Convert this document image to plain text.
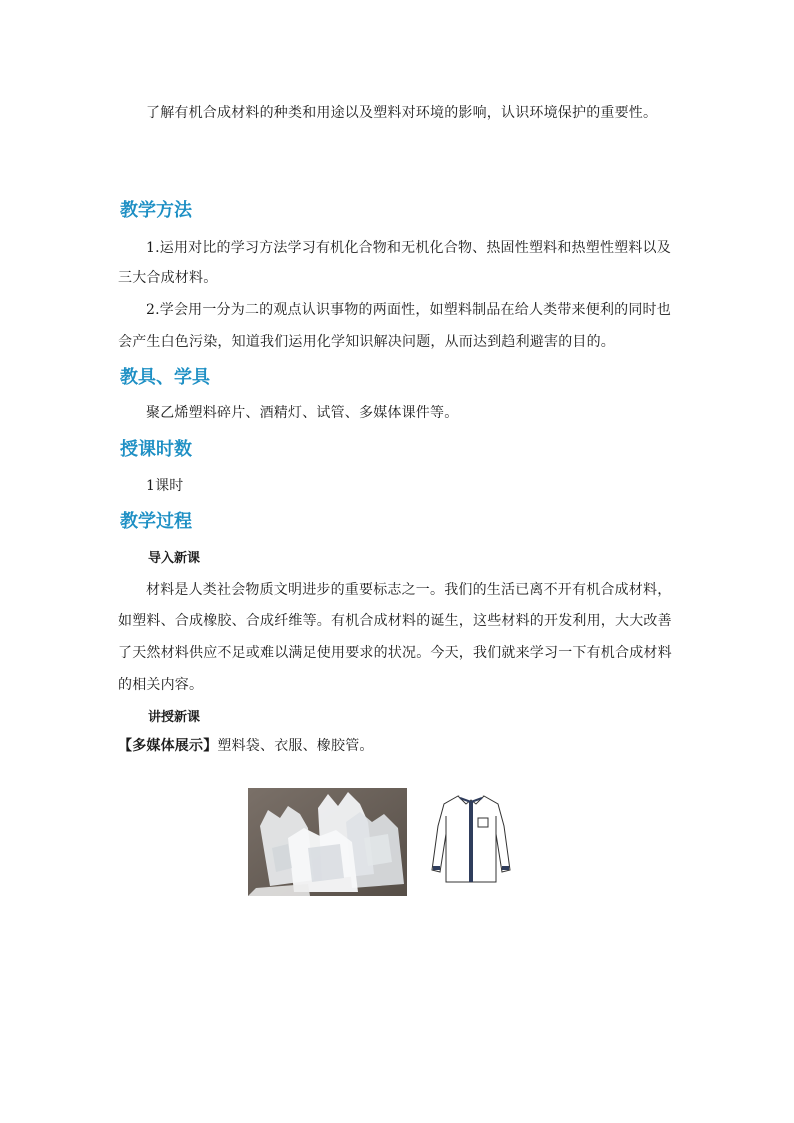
了解有机合成材料的种类和用途以及塑料对环境的影响，认识环境保护的重要性。
教学方法
1.运用对比的学习方法学习有机化合物和无机化合物、热固性塑料和热塑性塑料以及
三大合成材料。
2.学会用一分为二的观点认识事物的两面性，如塑料制品在给人类带来便利的同时也
会产生白色污染，知道我们运用化学知识解决问题，从而达到趋利避害的目的。
教具、学具
聚乙烯塑料碎片、酒精灯、试管、多媒体课件等。
授课时数
1课时
教学过程
导入新课
材料是人类社会物质文明进步的重要标志之一。我们的生活已离不开有机合成材料，
如塑料、合成橡胶、合成纤维等。有机合成材料的诞生，这些材料的开发利用，大大改善
了天然材料供应不足或难以满足使用要求的状况。今天，我们就来学习一下有机合成材料
的相关内容。
讲授新课
【多媒体展示】塑料袋、衣服、橡胶管。
